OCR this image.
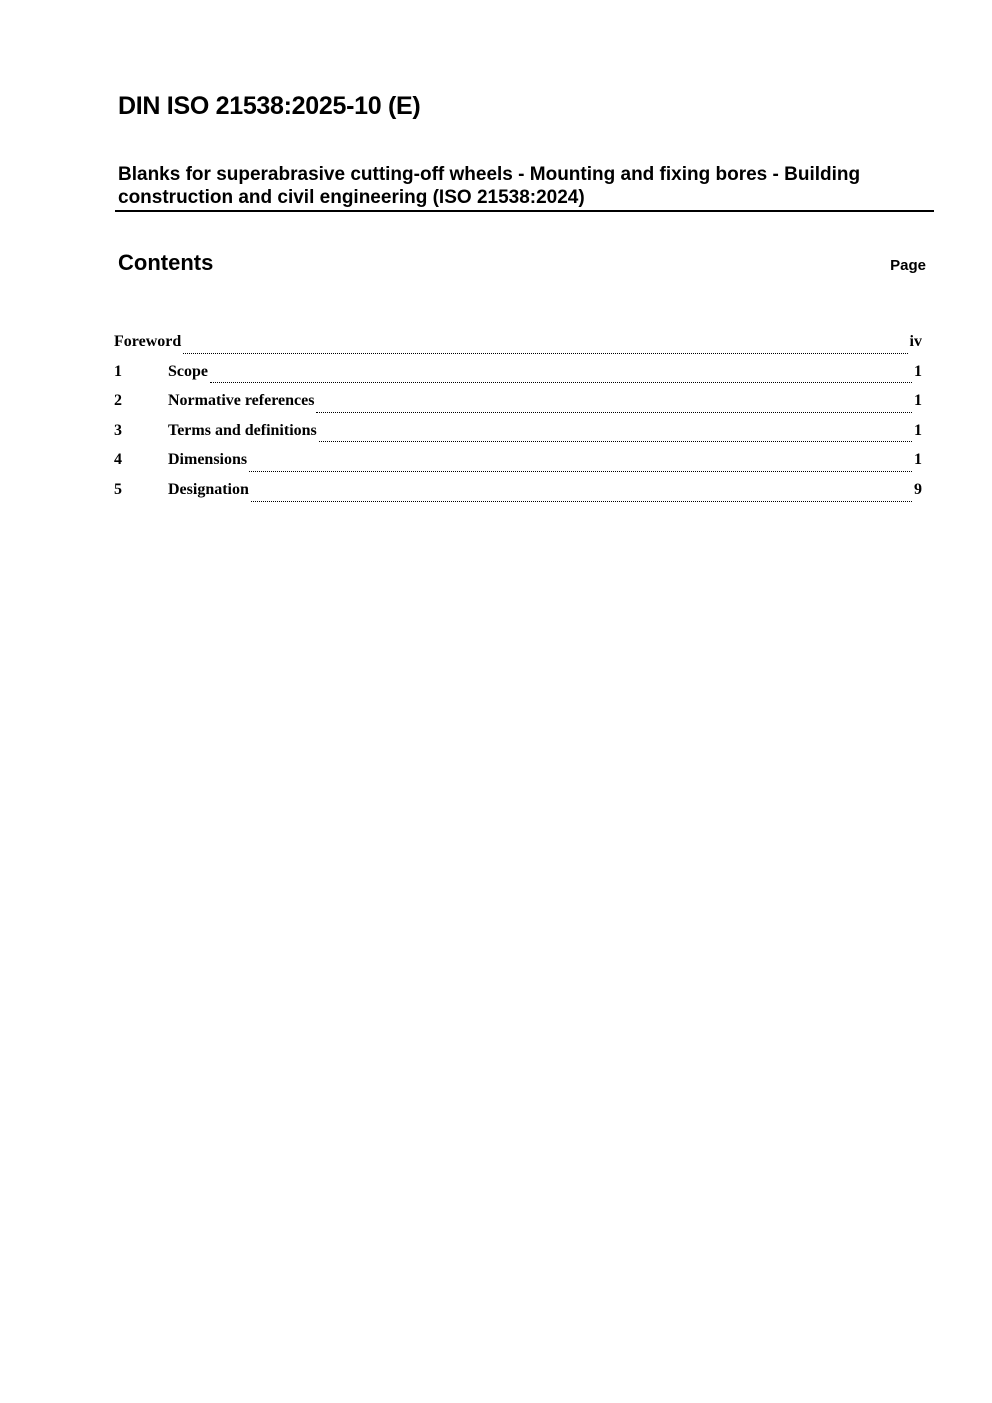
DIN ISO 21538:2025-10 (E)
Blanks for superabrasive cutting-off wheels - Mounting and fixing bores - Building construction and civil engineering (ISO 21538:2024)
Contents	Page
Foreword	iv
1	Scope	1
2	Normative references	1
3	Terms and definitions	1
4	Dimensions	1
5	Designation	9
